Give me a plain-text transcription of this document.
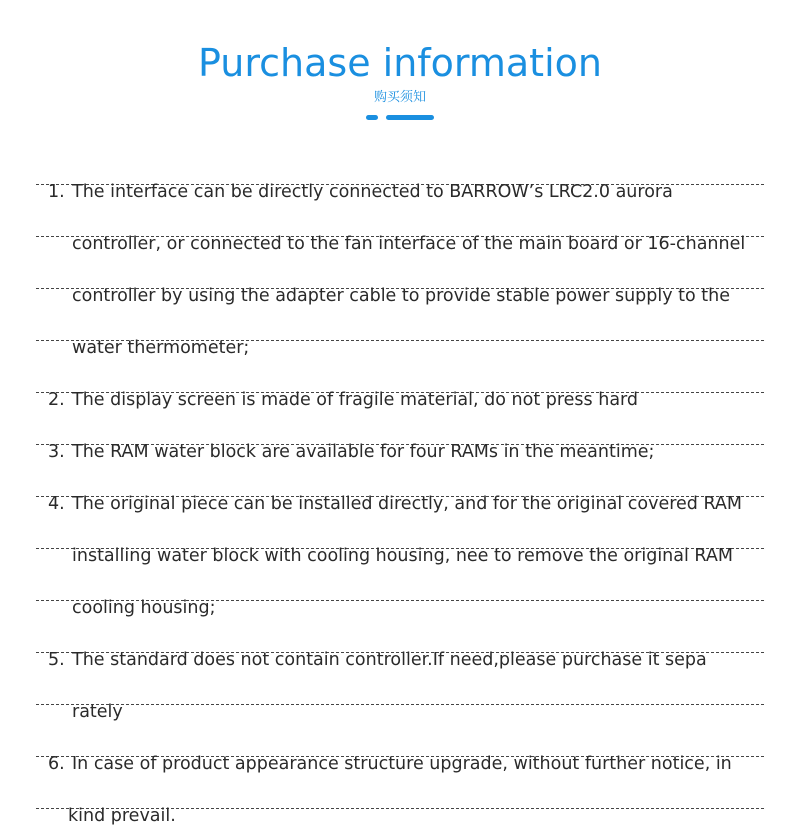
Purchase information
购买须知
1. The interface can be directly connected to BARROW’s LRC2.0 aurora
controller, or connected to the fan interface of the main board or 16-channel
controller by using the adapter cable to provide stable power supply to the
water thermometer;
2. The display screen is made of fragile material, do not press hard
3. The RAM water block are available for four RAMs in the meantime;
4. The original piece can be installed directly, and for the original covered RAM
installing water block with cooling housing, nee to remove the original RAM
cooling housing;
5. The standard does not contain controller.If need,please purchase it sepa
rately
6. In case of product appearance structure upgrade, without further notice, in
kind prevail.
